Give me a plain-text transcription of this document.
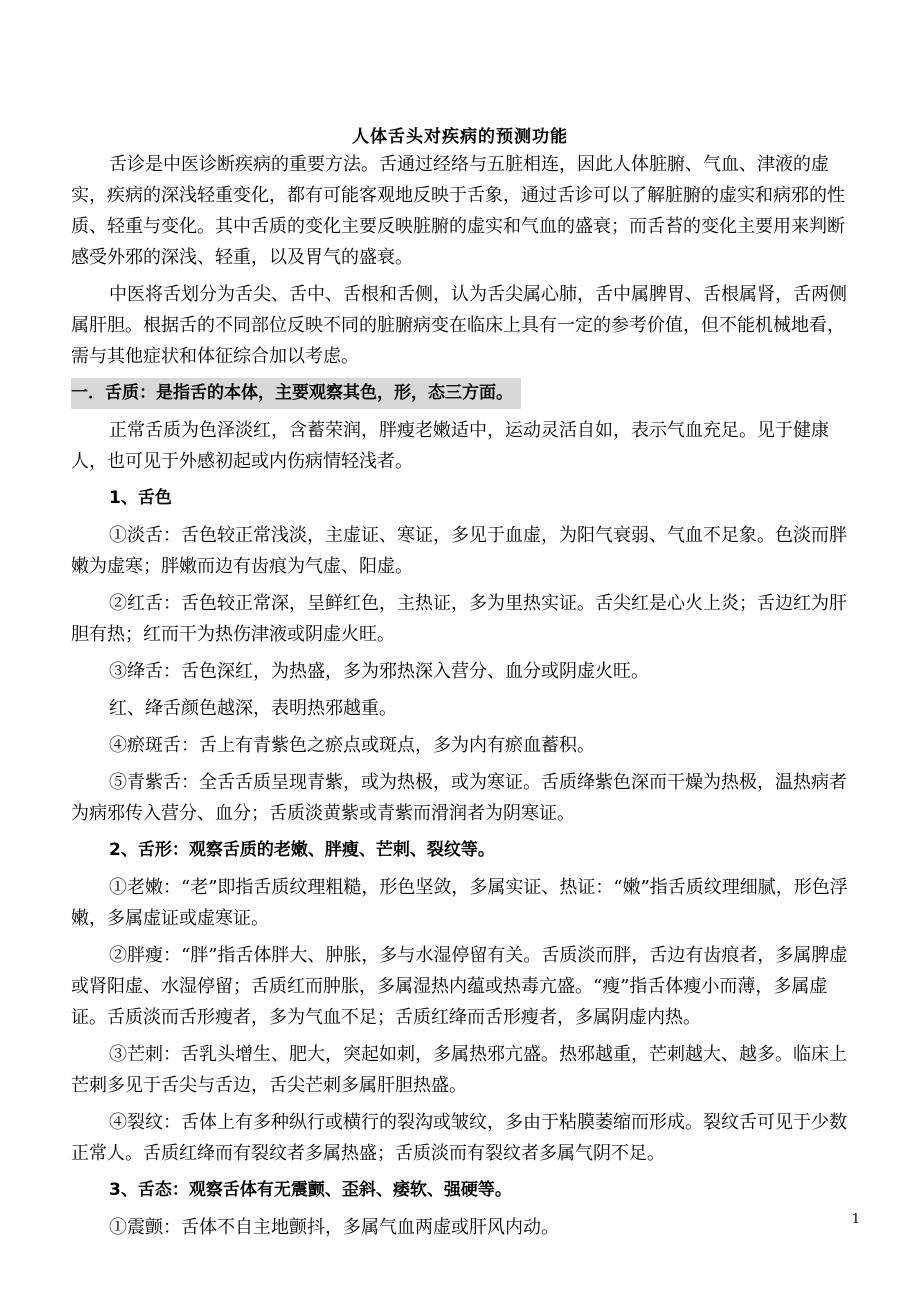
人体舌头对疾病的预测功能

舌诊是中医诊断疾病的重要方法。舌通过经络与五脏相连，因此人体脏腑、气血、津液的虚实，疾病的深浅轻重变化，都有可能客观地反映于舌象，通过舌诊可以了解脏腑的虚实和病邪的性质、轻重与变化。其中舌质的变化主要反映脏腑的虚实和气血的盛衰；而舌苔的变化主要用来判断感受外邪的深浅、轻重，以及胃气的盛衰。

中医将舌划分为舌尖、舌中、舌根和舌侧，认为舌尖属心肺，舌中属脾胃、舌根属肾，舌两侧属肝胆。根据舌的不同部位反映不同的脏腑病变在临床上具有一定的参考价值，但不能机械地看，需与其他症状和体征综合加以考虑。

一．舌质：是指舌的本体，主要观察其色，形，态三方面。

正常舌质为色泽淡红，含蓄荣润，胖瘦老嫩适中，运动灵活自如，表示气血充足。见于健康人，也可见于外感初起或内伤病情轻浅者。

1、舌色

①淡舌：舌色较正常浅淡，主虚证、寒证，多见于血虚，为阳气衰弱、气血不足象。色淡而胖嫩为虚寒；胖嫩而边有齿痕为气虚、阳虚。

②红舌：舌色较正常深，呈鲜红色，主热证，多为里热实证。舌尖红是心火上炎；舌边红为肝胆有热；红而干为热伤津液或阴虚火旺。

③绛舌：舌色深红，为热盛，多为邪热深入营分、血分或阴虚火旺。

红、绛舌颜色越深，表明热邪越重。

④瘀斑舌：舌上有青紫色之瘀点或斑点，多为内有瘀血蓄积。

⑤青紫舌：全舌舌质呈现青紫，或为热极，或为寒证。舌质绛紫色深而干燥为热极，温热病者为病邪传入营分、血分；舌质淡黄紫或青紫而滑润者为阴寒证。

2、舌形：观察舌质的老嫩、胖瘦、芒刺、裂纹等。

①老嫩：“老”即指舌质纹理粗糙，形色坚敛，多属实证、热证：“嫩”指舌质纹理细腻，形色浮嫩，多属虚证或虚寒证。

②胖瘦：“胖”指舌体胖大、肿胀，多与水湿停留有关。舌质淡而胖，舌边有齿痕者，多属脾虚或肾阳虚、水湿停留；舌质红而肿胀，多属湿热内蕴或热毒亢盛。“瘦”指舌体瘦小而薄，多属虚证。舌质淡而舌形瘦者，多为气血不足；舌质红绛而舌形瘦者，多属阴虚内热。

③芒刺：舌乳头增生、肥大，突起如刺，多属热邪亢盛。热邪越重，芒刺越大、越多。临床上芒刺多见于舌尖与舌边，舌尖芒刺多属肝胆热盛。

④裂纹：舌体上有多种纵行或横行的裂沟或皱纹，多由于粘膜萎缩而形成。裂纹舌可见于少数正常人。舌质红绛而有裂纹者多属热盛；舌质淡而有裂纹者多属气阴不足。

3、舌态：观察舌体有无震颤、歪斜、痿软、强硬等。

①震颤：舌体不自主地颤抖，多属气血两虚或肝风内动。	1
